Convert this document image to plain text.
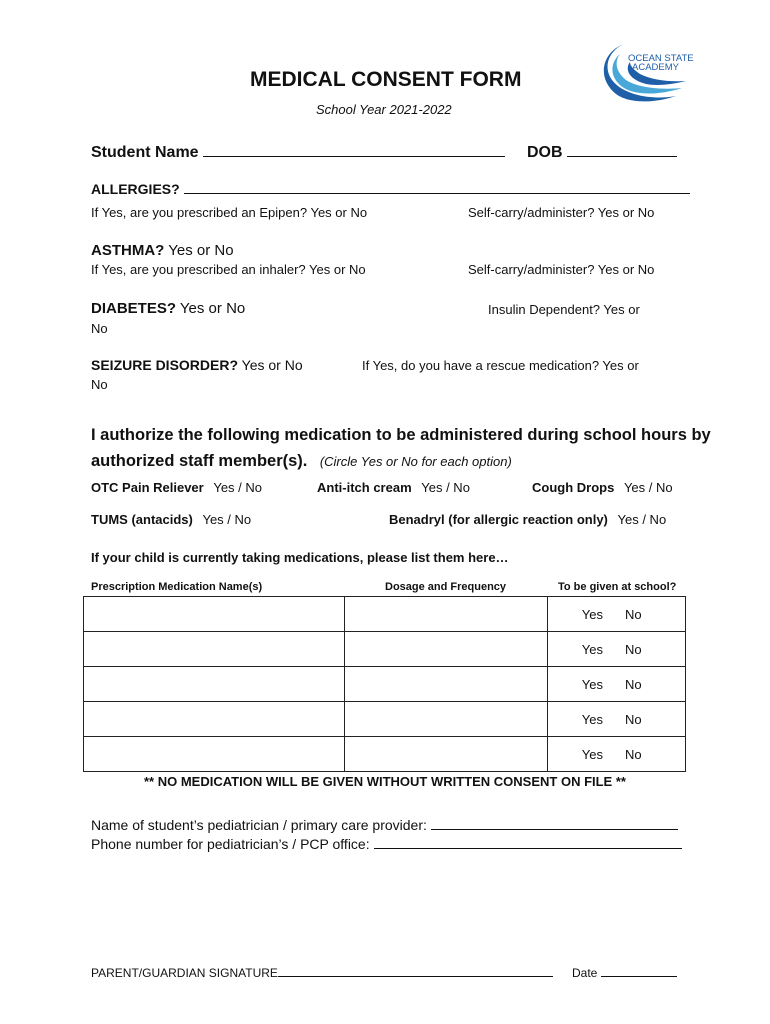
OCEAN STATE
ACADEMY
MEDICAL CONSENT FORM
School Year 2021-2022
Student Name	DOB
ALLERGIES?
If Yes, are you prescribed an Epipen? Yes or No	Self-carry/administer? Yes or No
ASTHMA? Yes or No
If Yes, are you prescribed an inhaler? Yes or No	Self-carry/administer? Yes or No
DIABETES? Yes or No	Insulin Dependent? Yes or
No
SEIZURE DISORDER? Yes or No	If Yes, do you have a rescue medication? Yes or
No
I authorize the following medication to be administered during school hours by
authorized staff member(s). (Circle Yes or No for each option)
OTC Pain Reliever Yes / No	Anti-itch cream Yes / No	Cough Drops Yes / No
TUMS (antacids) Yes / No	Benadryl (for allergic reaction only) Yes / No
If your child is currently taking medications, please list them here…
Prescription Medication Name(s)	Dosage and Frequency	To be given at school?

		Yes No

		Yes No

		Yes No

		Yes No

		Yes No
** NO MEDICATION WILL BE GIVEN WITHOUT WRITTEN CONSENT ON FILE **
Name of student’s pediatrician / primary care provider:
Phone number for pediatrician’s / PCP office:
PARENT/GUARDIAN SIGNATURE	Date
